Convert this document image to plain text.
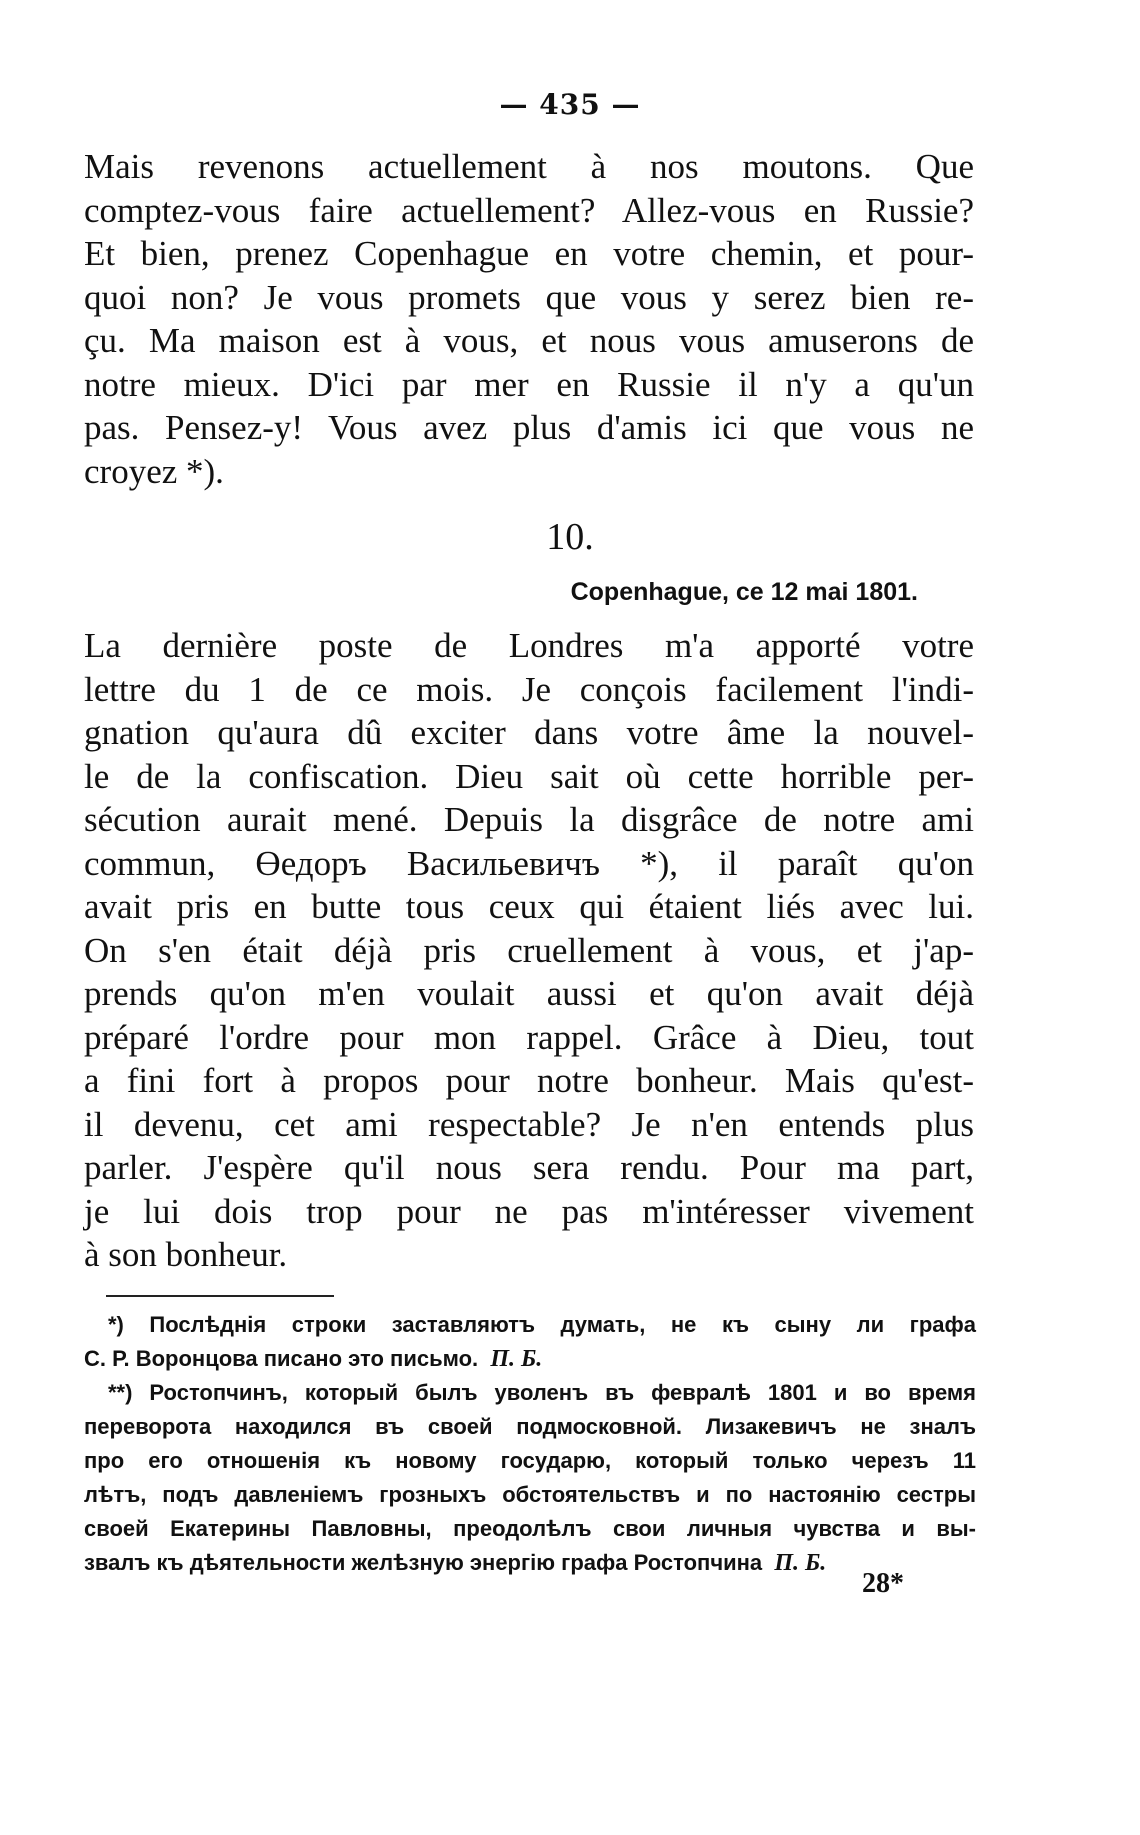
— 435 —
Mais revenons actuellement à nos moutons. Que
comptez-vous faire actuellement? Allez-vous en Russie?
Et bien, prenez Copenhague en votre chemin, et pour-
quoi non? Je vous promets que vous y serez bien re-
çu. Ma maison est à vous, et nous vous amuserons de
notre mieux. D'ici par mer en Russie il n'y a qu'un
pas. Pensez-y! Vous avez plus d'amis ici que vous ne
croyez *).
10.
Copenhague, ce 12 mai 1801.
La dernière poste de Londres m'a apporté votre
lettre du 1 de ce mois. Je conçois facilement l'indi-
gnation qu'aura dû exciter dans votre âme la nouvel-
le de la confiscation. Dieu sait où cette horrible per-
sécution aurait mené. Depuis la disgrâce de notre ami
commun, Өедоръ Васильевичъ *), il paraît qu'on
avait pris en butte tous ceux qui étaient liés avec lui.
On s'en était déjà pris cruellement à vous, et j'ap-
prends qu'on m'en voulait aussi et qu'on avait déjà
préparé l'ordre pour mon rappel. Grâce à Dieu, tout
a fini fort à propos pour notre bonheur. Mais qu'est-
il devenu, cet ami respectable? Je n'en entends plus
parler. J'espère qu'il nous sera rendu. Pour ma part,
je lui dois trop pour ne pas m'intéresser vivement
à son bonheur.
*) Послѣднія строки заставляютъ думать, не къ сыну ли графа
С. Р. Воронцова писано это письмо. П. Б.
**) Ростопчинъ, который былъ уволенъ въ февралѣ 1801 и во время
переворота находился въ своей подмосковной. Лизакевичъ не зналъ
про его отношенія къ новому государю, который только черезъ 11
лѣтъ, подъ давленіемъ грозныхъ обстоятельствъ и по настоянію сестры
своей Екатерины Павловны, преодолѣлъ свои личныя чувства и вы-
звалъ къ дѣятельности желѣзную энергію графа Ростопчина П. Б.
28*
